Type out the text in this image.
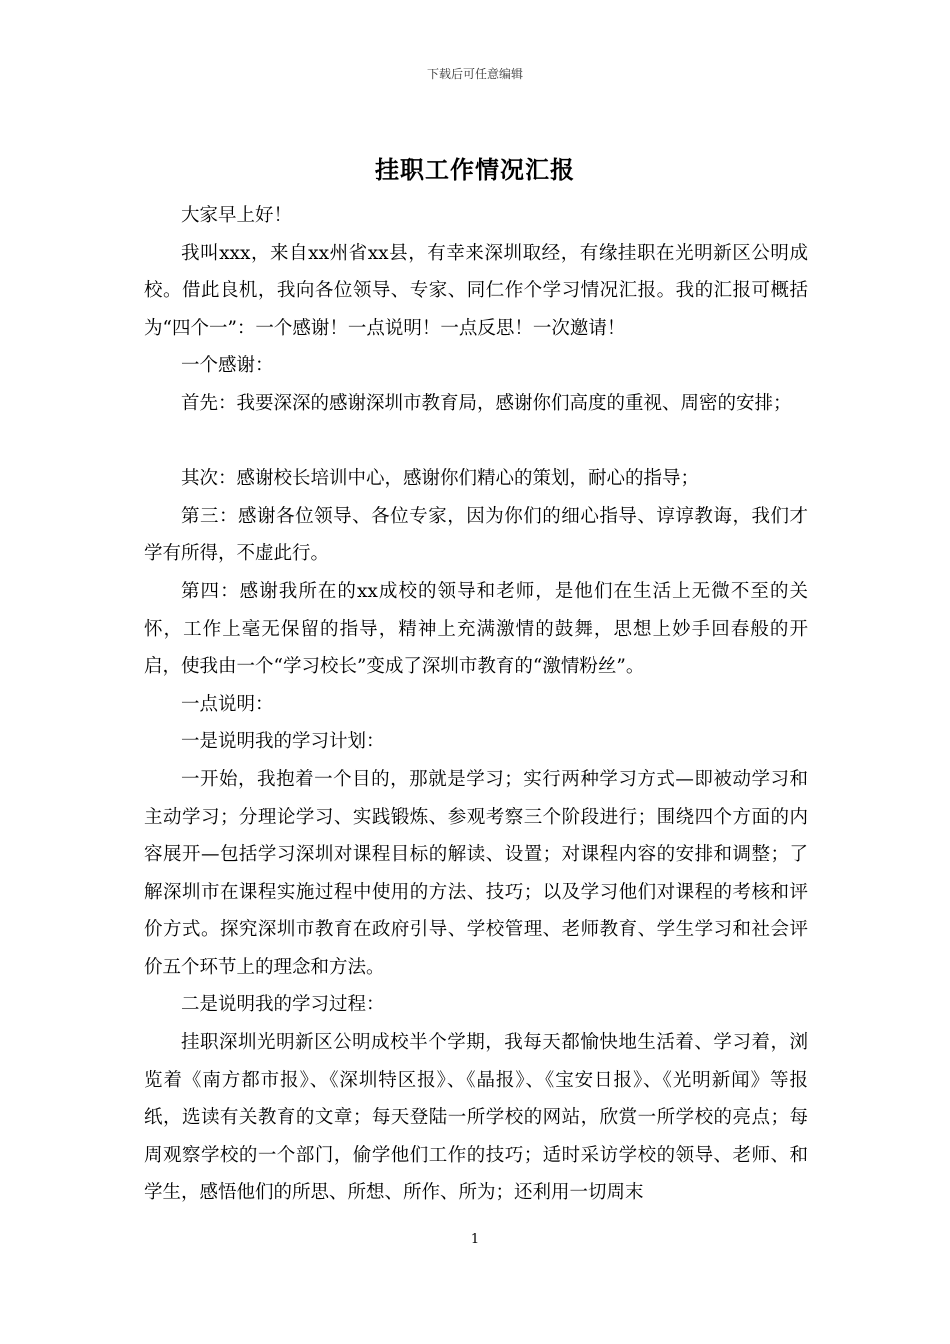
下载后可任意编辑
挂职工作情况汇报

大家早上好！

我叫xxx，来自xx州省xx县，有幸来深圳取经，有缘挂职在光明新区公明成校。借此良机，我向各位领导、专家、同仁作个学习情况汇报。我的汇报可概括为“四个一”：一个感谢！一点说明！一点反思！一次邀请！

一个感谢：

首先：我要深深的感谢深圳市教育局，感谢你们高度的重视、周密的安排；

其次：感谢校长培训中心，感谢你们精心的策划，耐心的指导；

第三：感谢各位领导、各位专家，因为你们的细心指导、谆谆教诲，我们才学有所得，不虚此行。

第四：感谢我所在的xx成校的领导和老师，是他们在生活上无微不至的关怀，工作上毫无保留的指导，精神上充满激情的鼓舞，思想上妙手回春般的开启，使我由一个“学习校长”变成了深圳市教育的“激情粉丝”。

一点说明：

一是说明我的学习计划：

一开始，我抱着一个目的，那就是学习；实行两种学习方式—即被动学习和主动学习；分理论学习、实践锻炼、参观考察三个阶段进行；围绕四个方面的内容展开—包括学习深圳对课程目标的解读、设置；对课程内容的安排和调整；了解深圳市在课程实施过程中使用的方法、技巧；以及学习他们对课程的考核和评价方式。探究深圳市教育在政府引导、学校管理、老师教育、学生学习和社会评价五个环节上的理念和方法。

二是说明我的学习过程：

挂职深圳光明新区公明成校半个学期，我每天都愉快地生活着、学习着，浏览着《南方都市报》、《深圳特区报》、《晶报》、《宝安日报》、《光明新闻》等报纸，选读有关教育的文章；每天登陆一所学校的网站，欣赏一所学校的亮点；每周观察学校的一个部门，偷学他们工作的技巧；适时采访学校的领导、老师、和学生，感悟他们的所思、所想、所作、所为；还利用一切周末

1
